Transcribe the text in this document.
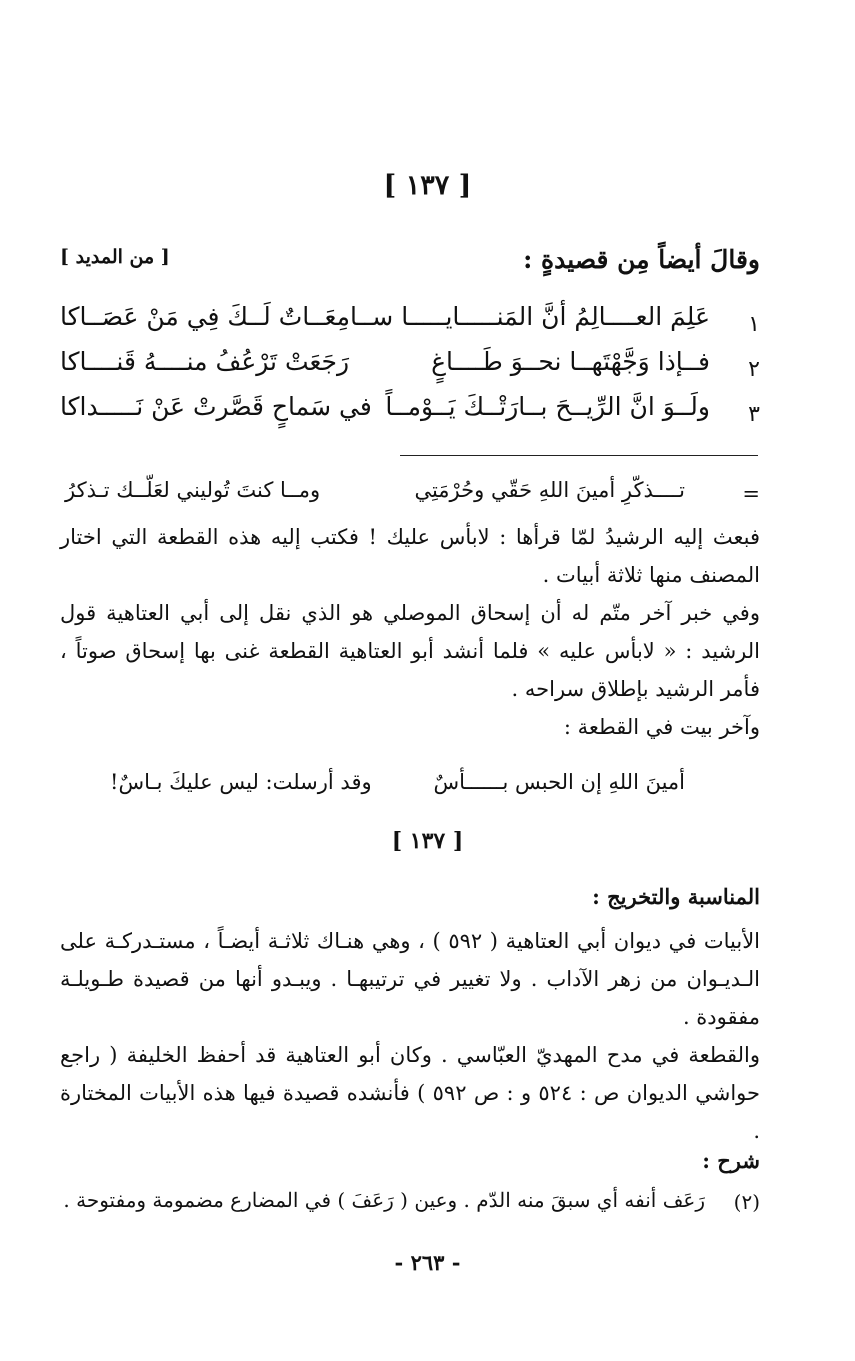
[ ١٣٧ ]
وقالَ أيضاً مِن قصيدةٍ :
[ من المديد ]
١
عَلِمَ العــــالِمُ أنَّ المَنـــــايـــــا
ســامِعَــاتٌ لَــكَ فِي مَنْ عَصَــاكا
٢
فــإذا وَجَّهْتَهــا نحــوَ طَــــاغٍ
رَجَعَتْ تَرْعُفُ منــــهُ قَنــــاكا
٣
ولَــوَ انَّ الرِّيــحَ بــارَتْــكَ يَــوْمــاً
في سَماحٍ قَصَّرتْ عَنْ نَـــــداكا
=
تــــذكّرِ أمينَ اللهِ حَقّي وحُرْمَتِي
ومــا كنتَ تُوليني لعَلّــك تـذكرُ

فبعث إليه الرشيدُ لمّا قرأها : لابأس عليك ! فكتب إليه هذه القطعة التي اختار المصنف منها ثلاثة أبيات .

وفي خبر آخر متّم له أن إسحاق الموصلي هو الذي نقل إلى أبي العتاهية قول الرشيد : « لابأس عليه » فلما أنشد أبو العتاهية القطعة غنى بها إسحاق صوتاً ، فأمر الرشيد بإطلاق سراحه .

وآخر بيت في القطعة :

أمينَ اللهِ إن الحبس بــــــأسٌ
وقد أرسلت: ليس عليكَ بـاسٌ!
[ ١٣٧ ]
المناسبة والتخريج :

الأبيات في ديوان أبي العتاهية ( ٥٩٢ ) ، وهي هنـاك ثلاثـة أيضـاً ، مستـدركـة على الـديـوان من زهر الآداب . ولا تغيير في ترتيبهـا . ويبـدو أنها من قصيدة طـويلـة مفقودة .

والقطعة في مدح المهديّ العبّاسي . وكان أبو العتاهية قد أحفظ الخليفة ( راجع حواشي الديوان ص : ٥٢٤ و : ص ٥٩٢ ) فأنشده قصيدة فيها هذه الأبيات المختارة .

شرح :
(٢)
رَعَف أنفه أي سبقَ منه الدّم . وعين ( رَعَفَ ) في المضارع مضمومة ومفتوحة .
- ٢٦٣ -
